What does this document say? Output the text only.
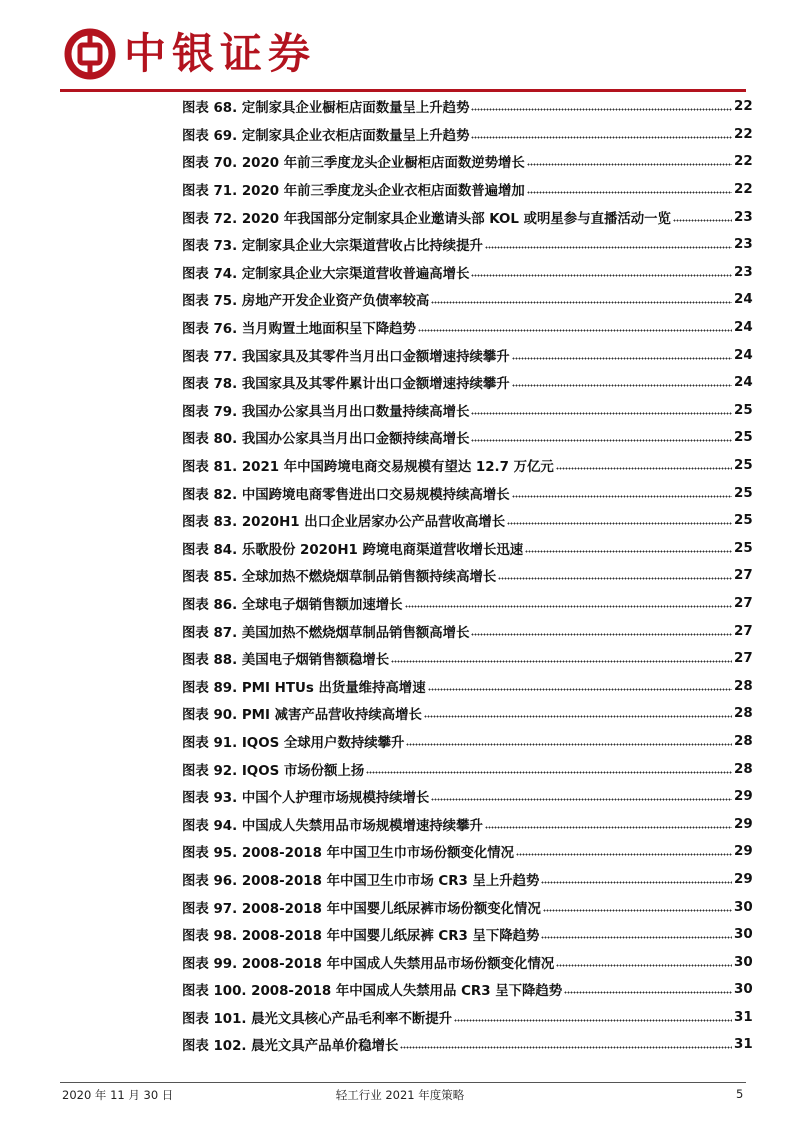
中银证券
图表 68. 定制家具企业橱柜店面数量呈上升趋势	22
图表 69. 定制家具企业衣柜店面数量呈上升趋势	22
图表 70. 2020 年前三季度龙头企业橱柜店面数逆势增长	22
图表 71. 2020 年前三季度龙头企业衣柜店面数普遍增加	22
图表 72. 2020 年我国部分定制家具企业邀请头部 KOL 或明星参与直播活动一览	23
图表 73. 定制家具企业大宗渠道营收占比持续提升	23
图表 74. 定制家具企业大宗渠道营收普遍高增长	23
图表 75. 房地产开发企业资产负债率较高	24
图表 76. 当月购置土地面积呈下降趋势	24
图表 77. 我国家具及其零件当月出口金额增速持续攀升	24
图表 78. 我国家具及其零件累计出口金额增速持续攀升	24
图表 79. 我国办公家具当月出口数量持续高增长	25
图表 80. 我国办公家具当月出口金额持续高增长	25
图表 81. 2021 年中国跨境电商交易规模有望达 12.7 万亿元	25
图表 82. 中国跨境电商零售进出口交易规模持续高增长	25
图表 83. 2020H1 出口企业居家办公产品营收高增长	25
图表 84. 乐歌股份 2020H1 跨境电商渠道营收增长迅速	25
图表 85. 全球加热不燃烧烟草制品销售额持续高增长	27
图表 86. 全球电子烟销售额加速增长	27
图表 87. 美国加热不燃烧烟草制品销售额高增长	27
图表 88. 美国电子烟销售额稳增长	27
图表 89. PMI HTUs 出货量维持高增速	28
图表 90. PMI 减害产品营收持续高增长	28
图表 91. IQOS 全球用户数持续攀升	28
图表 92. IQOS 市场份额上扬	28
图表 93. 中国个人护理市场规模持续增长	29
图表 94. 中国成人失禁用品市场规模增速持续攀升	29
图表 95. 2008-2018 年中国卫生巾市场份额变化情况	29
图表 96. 2008-2018 年中国卫生巾市场 CR3 呈上升趋势	29
图表 97. 2008-2018 年中国婴儿纸尿裤市场份额变化情况	30
图表 98. 2008-2018 年中国婴儿纸尿裤 CR3 呈下降趋势	30
图表 99. 2008-2018 年中国成人失禁用品市场份额变化情况	30
图表 100. 2008-2018 年中国成人失禁用品 CR3 呈下降趋势	30
图表 101. 晨光文具核心产品毛利率不断提升	31
图表 102. 晨光文具产品单价稳增长	31
2020 年 11 月 30 日	轻工行业 2021 年度策略	5
